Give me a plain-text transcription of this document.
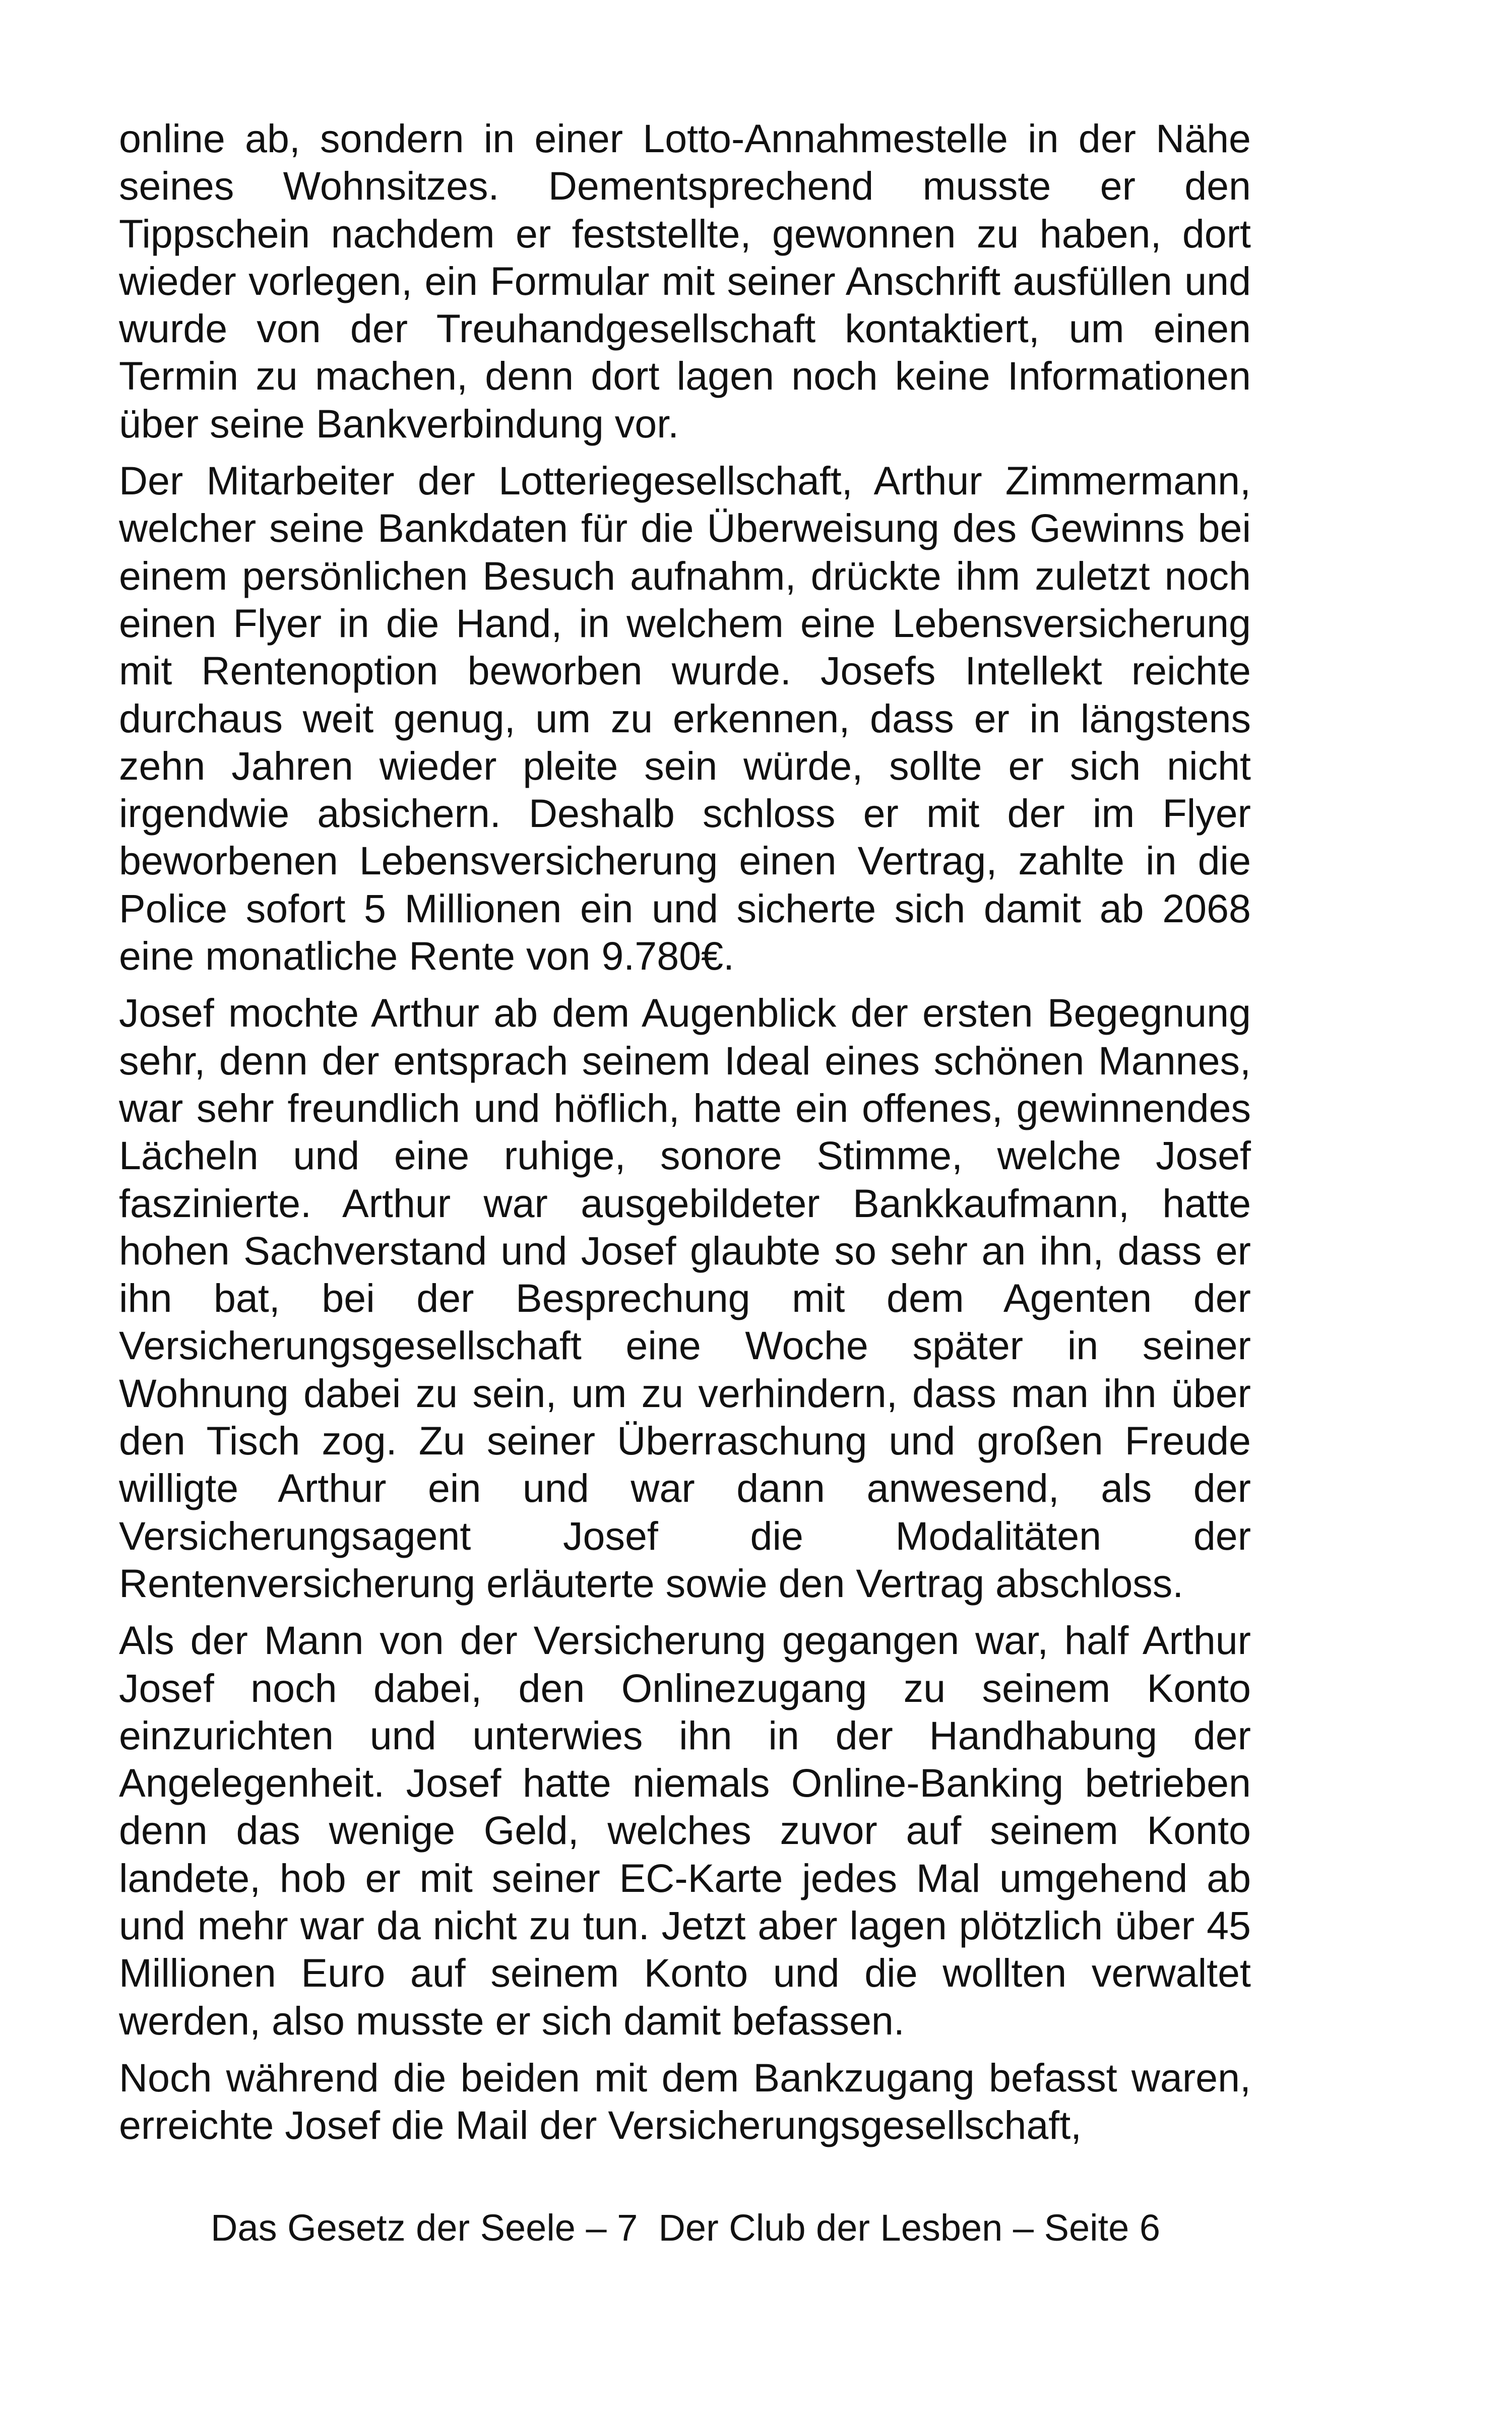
online ab, sondern in einer Lotto-Annahmestelle in der Nähe seines Wohnsitzes. Dementsprechend musste er den Tippschein nachdem er feststellte, gewonnen zu haben, dort wieder vorlegen, ein Formular mit seiner Anschrift ausfüllen und wurde von der Treuhandgesellschaft kontaktiert, um einen Termin zu machen, denn dort lagen noch keine Informationen über seine Bankverbindung vor.

Der Mitarbeiter der Lotteriegesellschaft, Arthur Zimmermann, welcher seine Bankdaten für die Überweisung des Gewinns bei einem persönlichen Besuch aufnahm, drückte ihm zuletzt noch einen Flyer in die Hand, in welchem eine Lebensversicherung mit Rentenoption beworben wurde. Josefs Intellekt reichte durchaus weit genug, um zu erkennen, dass er in längstens zehn Jahren wieder pleite sein würde, sollte er sich nicht irgendwie absichern. Deshalb schloss er mit der im Flyer beworbenen Lebensversicherung einen Vertrag, zahlte in die Police sofort 5 Millionen ein und sicherte sich damit ab 2068 eine monatliche Rente von 9.780€.

Josef mochte Arthur ab dem Augenblick der ersten Begegnung sehr, denn der entsprach seinem Ideal eines schönen Mannes, war sehr freundlich und höflich, hatte ein offenes, gewinnendes Lächeln und eine ruhige, sonore Stimme, welche Josef faszinierte. Arthur war ausgebildeter Bankkaufmann, hatte hohen Sachverstand und Josef glaubte so sehr an ihn, dass er ihn bat, bei der Besprechung mit dem Agenten der Versicherungsgesellschaft eine Woche später in seiner Wohnung dabei zu sein, um zu verhindern, dass man ihn über den Tisch zog. Zu seiner Überraschung und großen Freude willigte Arthur ein und war dann anwesend, als der Versicherungsagent Josef die Modalitäten der Rentenversicherung erläuterte sowie den Vertrag abschloss.

Als der Mann von der Versicherung gegangen war, half Arthur Josef noch dabei, den Onlinezugang zu seinem Konto einzurichten und unterwies ihn in der Handhabung der Angelegenheit. Josef hatte niemals Online-Banking betrieben denn das wenige Geld, welches zuvor auf seinem Konto landete, hob er mit seiner EC-Karte jedes Mal umgehend ab und mehr war da nicht zu tun. Jetzt aber lagen plötzlich über 45 Millionen Euro auf seinem Konto und die wollten verwaltet werden, also musste er sich damit befassen.

Noch während die beiden mit dem Bankzugang befasst waren, erreichte Josef die Mail der Versicherungsgesellschaft,

Das Gesetz der Seele – 7  Der Club der Lesben – Seite 6
